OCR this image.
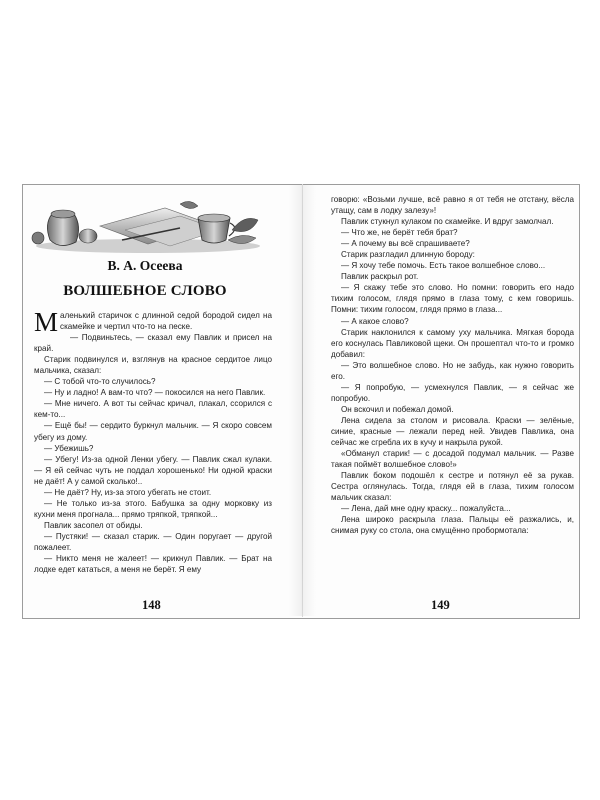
В. А. Осеева
ВОЛШЕБНОЕ СЛОВО

Маленький старичок с длинной седой бородой сидел на скамейке и чертил что-то на песке.

— Подвиньтесь, — сказал ему Павлик и присел на край.

Старик подвинулся и, взглянув на красное сердитое лицо мальчика, сказал:

— С тобой что-то случилось?

— Ну и ладно! А вам-то что? — покосился на него Павлик.

— Мне ничего. А вот ты сейчас кричал, плакал, ссорился с кем-то...

— Ещё бы! — сердито буркнул мальчик. — Я скоро совсем убегу из дому.

— Убежишь?

— Убегу! Из-за одной Ленки убегу. — Павлик сжал кулаки. — Я ей сейчас чуть не поддал хорошенько! Ни одной краски не даёт! А у самой сколько!..

— Не даёт? Ну, из-за этого убегать не стоит.

— Не только из-за этого. Бабушка за одну морковку из кухни меня прогнала... прямо тряпкой, тряпкой...

Павлик засопел от обиды.

— Пустяки! — сказал старик. — Один поругает — другой пожалеет.

— Никто меня не жалеет! — крикнул Павлик. — Брат на лодке едет кататься, а меня не берёт. Я ему

говорю: «Возьми лучше, всё равно я от тебя не отстану, вёсла утащу, сам в лодку залезу»!

Павлик стукнул кулаком по скамейке. И вдруг замолчал.

— Что же, не берёт тебя брат?

— А почему вы всё спрашиваете?

Старик разгладил длинную бороду:

— Я хочу тебе помочь. Есть такое волшебное слово...

Павлик раскрыл рот.

— Я скажу тебе это слово. Но помни: говорить его надо тихим голосом, глядя прямо в глаза тому, с кем говоришь. Помни: тихим голосом, глядя прямо в глаза...

— А какое слово?

Старик наклонился к самому уху мальчика. Мягкая борода его коснулась Павликовой щеки. Он прошептал что-то и громко добавил:

— Это волшебное слово. Но не забудь, как нужно говорить его.

— Я попробую, — усмехнулся Павлик, — я сейчас же попробую.

Он вскочил и побежал домой.

Лена сидела за столом и рисовала. Краски — зелёные, синие, красные — лежали перед ней. Увидев Павлика, она сейчас же сгребла их в кучу и накрыла рукой.

«Обманул старик! — с досадой подумал мальчик. — Разве такая поймёт волшебное слово!»

Павлик боком подошёл к сестре и потянул её за рукав. Сестра оглянулась. Тогда, глядя ей в глаза, тихим голосом мальчик сказал:

— Лена, дай мне одну краску... пожалуйста...

Лена широко раскрыла глаза. Пальцы её разжались, и, снимая руку со стола, она смущённо пробормотала:

148	149
